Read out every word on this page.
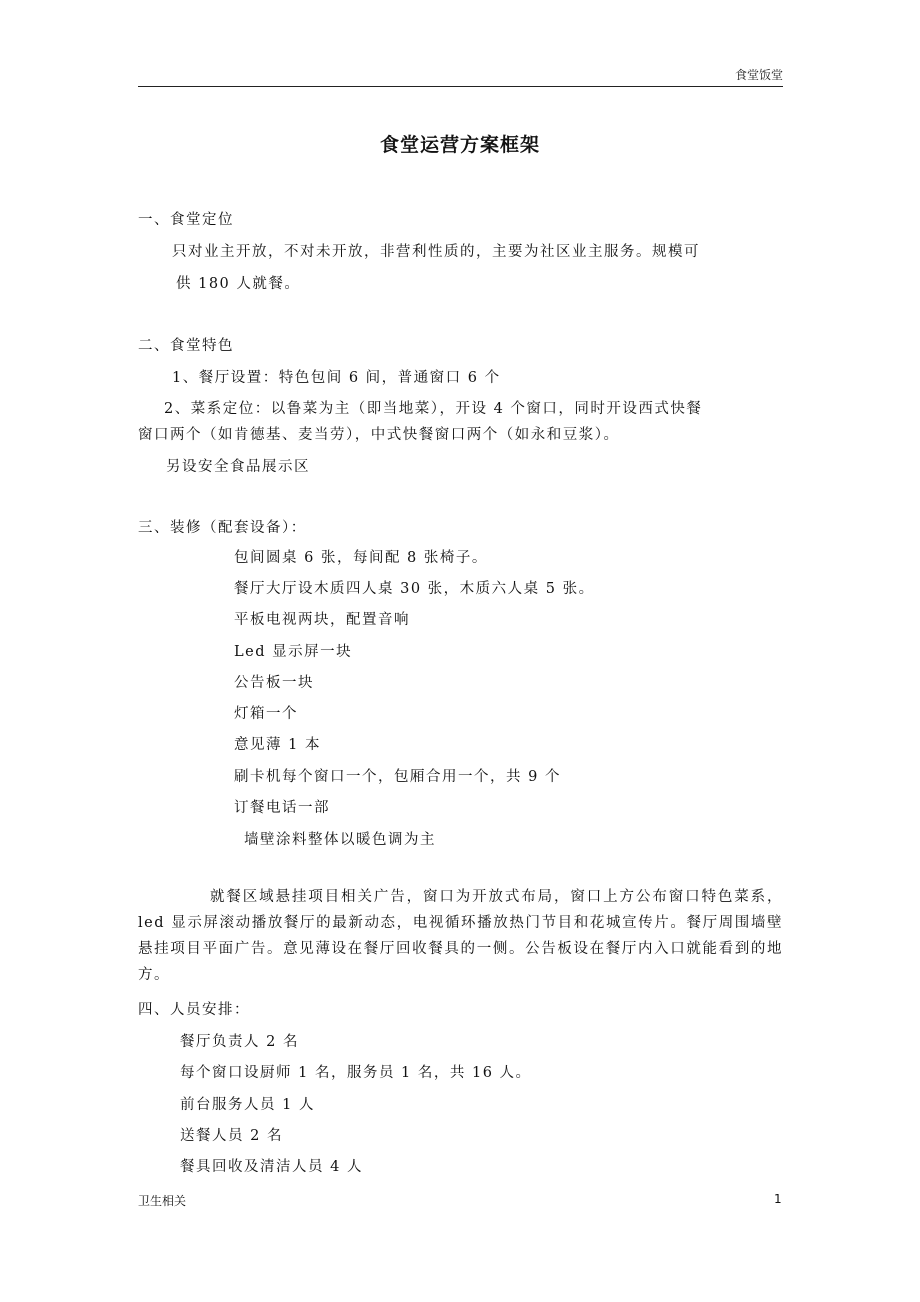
食堂饭堂
食堂运营方案框架
一、食堂定位
只对业主开放，不对未开放，非营利性质的，主要为社区业主服务。规模可
供 180 人就餐。
二、食堂特色
1、餐厅设置：特色包间 6 间，普通窗口 6 个
2、菜系定位：以鲁菜为主（即当地菜），开设 4 个窗口，同时开设西式快餐
窗口两个（如肯德基、麦当劳），中式快餐窗口两个（如永和豆浆）。
另设安全食品展示区
三、装修（配套设备）：
包间圆桌 6 张，每间配 8 张椅子。
餐厅大厅设木质四人桌 30 张，木质六人桌 5 张。
平板电视两块，配置音响
Led 显示屏一块
公告板一块
灯箱一个
意见薄 1 本
刷卡机每个窗口一个，包厢合用一个，共 9 个
订餐电话一部
墙壁涂料整体以暖色调为主
就餐区域悬挂项目相关广告，窗口为开放式布局，窗口上方公布窗口特色菜系，led 显示屏滚动播放餐厅的最新动态，电视循环播放热门节目和花城宣传片。餐厅周围墙壁悬挂项目平面广告。意见薄设在餐厅回收餐具的一侧。公告板设在餐厅内入口就能看到的地方。
四、人员安排：
餐厅负责人 2 名
每个窗口设厨师 1 名，服务员 1 名，共 16 人。
前台服务人员 1 人
送餐人员 2 名
餐具回收及清洁人员 4 人
卫生相关	1
